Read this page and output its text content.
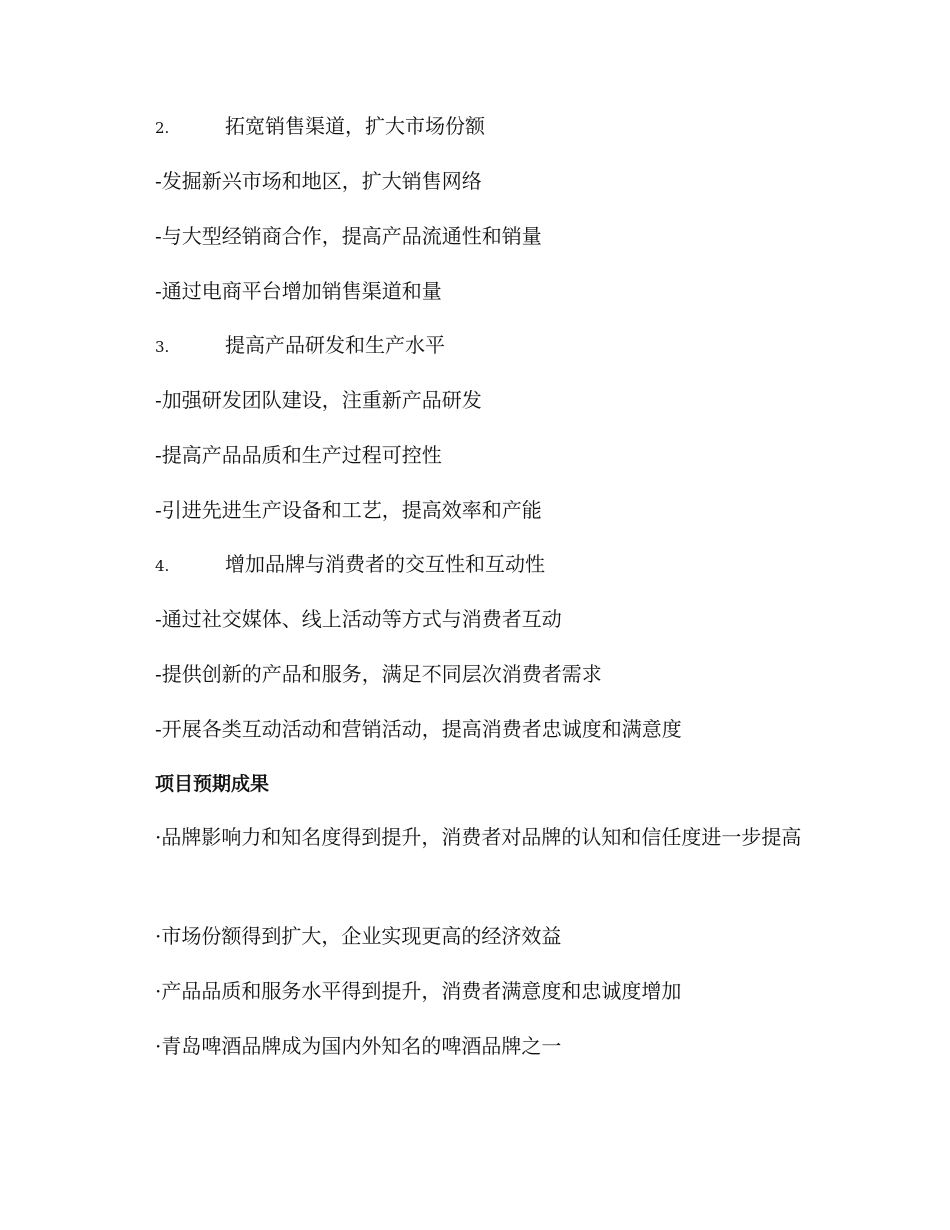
2.	拓宽销售渠道，扩大市场份额
-发掘新兴市场和地区，扩大销售网络
-与大型经销商合作，提高产品流通性和销量
-通过电商平台增加销售渠道和量
3.	提高产品研发和生产水平
-加强研发团队建设，注重新产品研发
-提高产品品质和生产过程可控性
-引进先进生产设备和工艺，提高效率和产能
4.	增加品牌与消费者的交互性和互动性
-通过社交媒体、线上活动等方式与消费者互动
-提供创新的产品和服务，满足不同层次消费者需求
-开展各类互动活动和营销活动，提高消费者忠诚度和满意度
项目预期成果
·品牌影响力和知名度得到提升，消费者对品牌的认知和信任度进一步提高
·市场份额得到扩大，企业实现更高的经济效益
·产品品质和服务水平得到提升，消费者满意度和忠诚度增加
·青岛啤酒品牌成为国内外知名的啤酒品牌之一
